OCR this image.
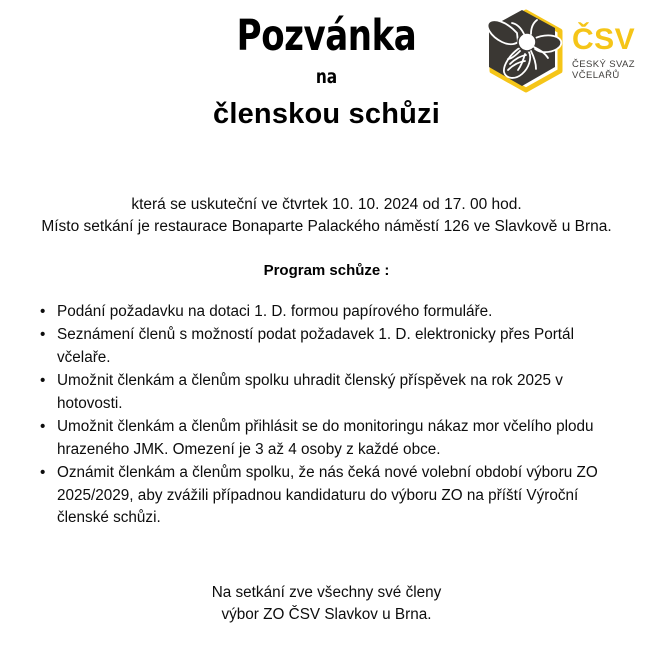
Pozvánka
na
členskou schůzi
ČSV
ČESKÝ SVAZ
VČELAŘŮ
která se uskuteční ve čtvrtek 10. 10. 2024 od 17. 00 hod.
Místo setkání je restaurace Bonaparte Palackého náměstí 126 ve Slavkově u Brna.
Program schůze :
• Podání požadavku na dotaci 1. D. formou papírového formuláře.
• Seznámení členů s možností podat požadavek 1. D. elektronicky přes Portál včelaře.
• Umožnit členkám a členům spolku uhradit členský příspěvek na rok 2025 v hotovosti.
• Umožnit členkám a členům přihlásit se do monitoringu nákaz mor včelího plodu hrazeného JMK. Omezení je 3 až 4 osoby z každé obce.
• Oznámit členkám a členům spolku, že nás čeká nové volební období výboru ZO 2025/2029, aby zvážili případnou kandidaturu do výboru ZO na příští Výroční členské schůzi.
Na setkání zve všechny své členy
výbor ZO ČSV Slavkov u Brna.
